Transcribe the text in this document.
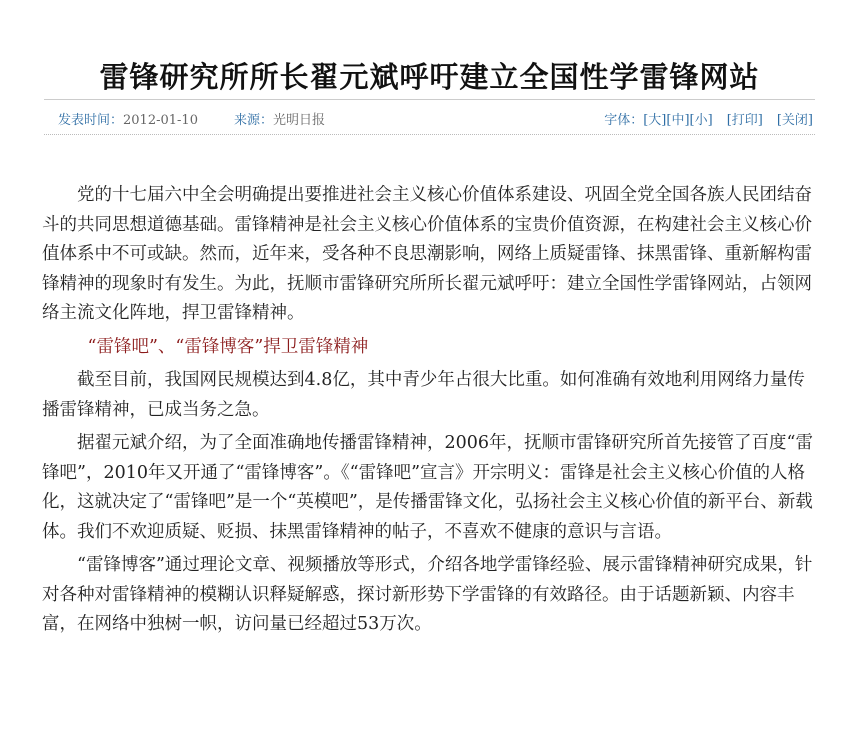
雷锋研究所所长翟元斌呼吁建立全国性学雷锋网站
发表时间：2012-01-10	来源：光明日报	字体：[大][中][小] [打印] [关闭]

党的十七届六中全会明确提出要推进社会主义核心价值体系建设、巩固全党全国各族人民团结奋斗的共同思想道德基础。雷锋精神是社会主义核心价值体系的宝贵价值资源，在构建社会主义核心价值体系中不可或缺。然而，近年来，受各种不良思潮影响，网络上质疑雷锋、抹黑雷锋、重新解构雷锋精神的现象时有发生。为此，抚顺市雷锋研究所所长翟元斌呼吁：建立全国性学雷锋网站，占领网络主流文化阵地，捍卫雷锋精神。

“雷锋吧”、“雷锋博客”捍卫雷锋精神

截至目前，我国网民规模达到4.8亿，其中青少年占很大比重。如何准确有效地利用网络力量传播雷锋精神，已成当务之急。

据翟元斌介绍，为了全面准确地传播雷锋精神，2006年，抚顺市雷锋研究所首先接管了百度“雷锋吧”，2010年又开通了“雷锋博客”。《“雷锋吧”宣言》开宗明义：雷锋是社会主义核心价值的人格化，这就决定了“雷锋吧”是一个“英模吧”，是传播雷锋文化，弘扬社会主义核心价值的新平台、新载体。我们不欢迎质疑、贬损、抹黑雷锋精神的帖子，不喜欢不健康的意识与言语。

“雷锋博客”通过理论文章、视频播放等形式，介绍各地学雷锋经验、展示雷锋精神研究成果，针对各种对雷锋精神的模糊认识释疑解惑，探讨新形势下学雷锋的有效路径。由于话题新颖、内容丰富，在网络中独树一帜，访问量已经超过53万次。
